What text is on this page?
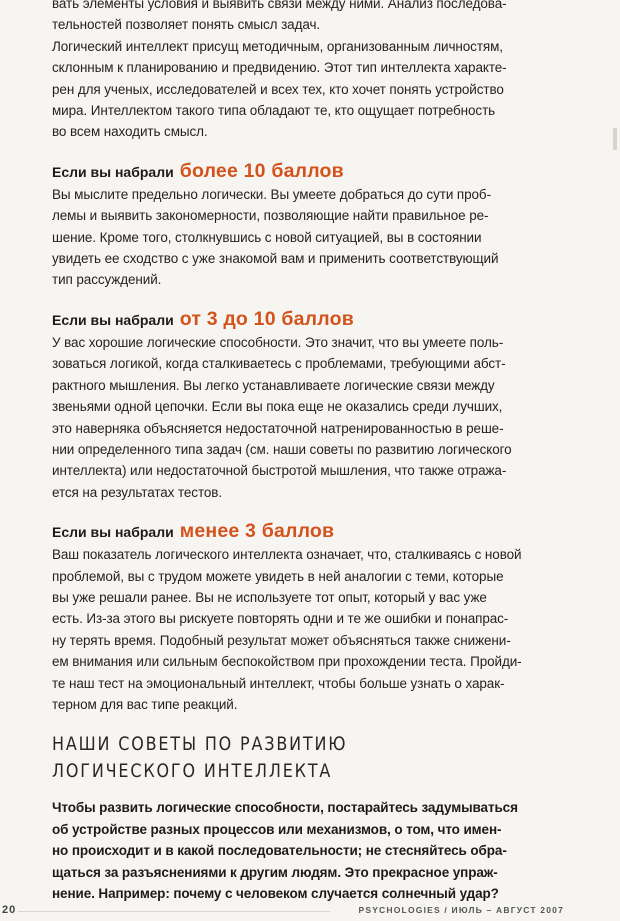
вать элементы условия и выявить связи между ними. Анализ последова-
тельностей позволяет понять смысл задач.
Логический интеллект присущ методичным, организованным личностям,
склонным к планированию и предвидению. Этот тип интеллекта характе-
рен для ученых, исследователей и всех тех, кто хочет понять устройство
мира. Интеллектом такого типа обладают те, кто ощущает потребность
во всем находить смысл.
Если вы набрали более 10 баллов
Вы мыслите предельно логически. Вы умеете добраться до сути проб-
лемы и выявить закономерности, позволяющие найти правильное ре-
шение. Кроме того, столкнувшись с новой ситуацией, вы в состоянии
увидеть ее сходство с уже знакомой вам и применить соответствующий
тип рассуждений.
Если вы набрали от 3 до 10 баллов
У вас хорошие логические способности. Это значит, что вы умеете поль-
зоваться логикой, когда сталкиваетесь с проблемами, требующими абст-
рактного мышления. Вы легко устанавливаете логические связи между
звеньями одной цепочки. Если вы пока еще не оказались среди лучших,
это наверняка объясняется недостаточной натренированностью в реше-
нии определенного типа задач (см. наши советы по развитию логического
интеллекта) или недостаточной быстротой мышления, что также отража-
ется на результатах тестов.
Если вы набрали менее 3 баллов
Ваш показатель логического интеллекта означает, что, сталкиваясь с новой
проблемой, вы с трудом можете увидеть в ней аналогии с теми, которые
вы уже решали ранее. Вы не используете тот опыт, который у вас уже
есть. Из-за этого вы рискуете повторять одни и те же ошибки и понапрас-
ну терять время. Подобный результат может объясняться также снижени-
ем внимания или сильным беспокойством при прохождении теста. Пройди-
те наш тест на эмоциональный интеллект, чтобы больше узнать о харак-
терном для вас типе реакций.
НАШИ СОВЕТЫ ПО РАЗВИТИЮ
ЛОГИЧЕСКОГО ИНТЕЛЛЕКТА
Чтобы развить логические способности, постарайтесь задумываться
об устройстве разных процессов или механизмов, о том, что имен-
но происходит и в какой последовательности; не стесняйтесь обра-
щаться за разъяснениями к другим людям. Это прекрасное упраж-
нение. Например: почему с человеком случается солнечный удар?
20	PSYCHOLOGIES / ИЮЛЬ – АВГУСТ 2007
